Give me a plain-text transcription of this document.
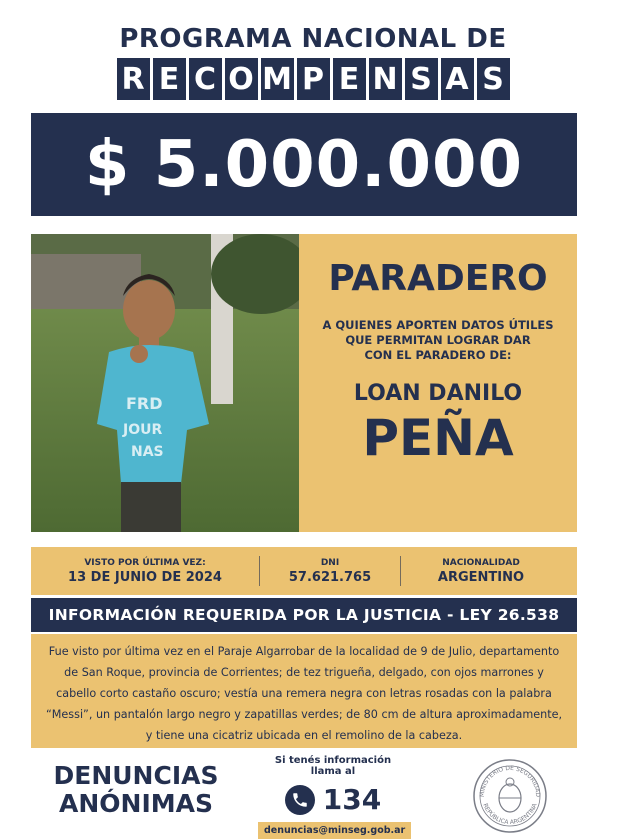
PROGRAMA NACIONAL DE
R E C O M P E N S A S
$ 5.000.000
FRD
JOUR
NAS
PARADERO
A QUIENES APORTEN DATOS ÚTILES
QUE PERMITAN LOGRAR DAR
CON EL PARADERO DE:
LOAN DANILO
PEÑA
VISTO POR ÚLTIMA VEZ:
13 DE JUNIO DE 2024
DNI
57.621.765
NACIONALIDAD
ARGENTINO
INFORMACIÓN REQUERIDA POR LA JUSTICIA - LEY 26.538
Fue visto por última vez en el Paraje Algarrobar de la localidad de 9 de Julio, departamento de San Roque, provincia de Corrientes; de tez trigueña, delgado, con ojos marrones y cabello corto castaño oscuro; vestía una remera negra con letras rosadas con la palabra “Messi”, un pantalón largo negro y zapatillas verdes; de 80 cm de altura aproximadamente, y tiene una cicatriz ubicada en el remolino de la cabeza.
DENUNCIAS
ANÓNIMAS
Si tenés información llama al
134
denuncias@minseg.gob.ar
MINISTERIO DE SEGURIDAD
REPÚBLICA ARGENTINA
